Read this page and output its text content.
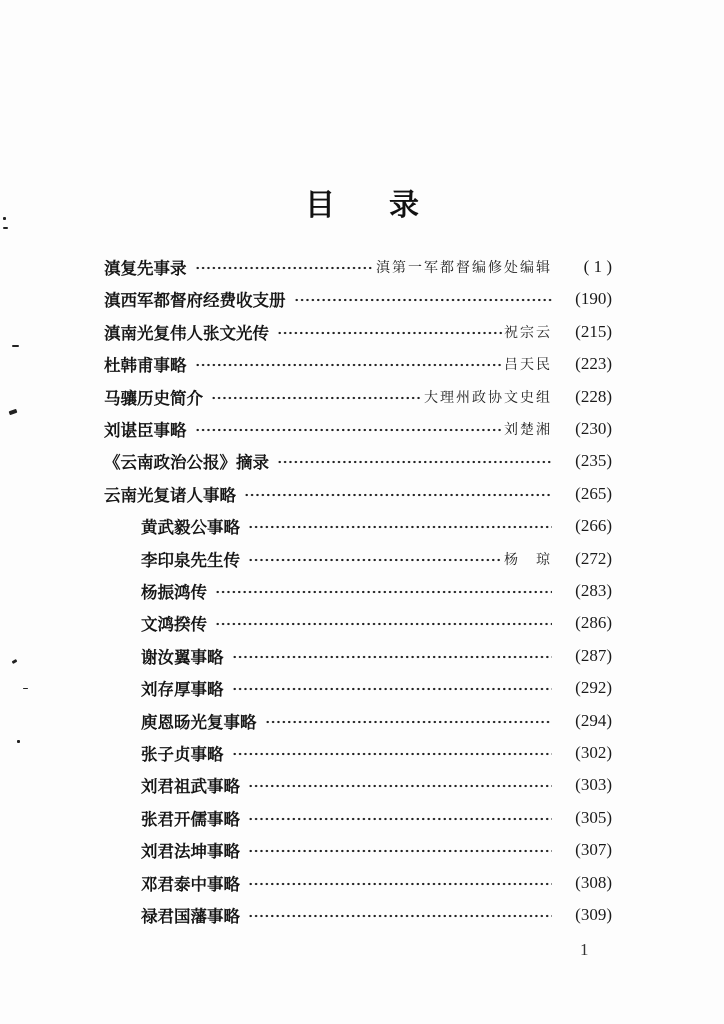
目 录
滇复先事录	滇第一军都督编修处编辑	( 1 )
滇西军都督府经费收支册	(190)
滇南光复伟人张文光传	祝宗云	(215)
杜韩甫事略	吕天民	(223)
马骧历史简介	大理州政协文史组	(228)
刘谌臣事略	刘楚湘	(230)
《云南政治公报》摘录	(235)
云南光复诸人事略	(265)
黄武毅公事略	(266)
李印泉先生传	杨　琼	(272)
杨振鸿传	(283)
文鸿揆传	(286)
谢汝翼事略	(287)
刘存厚事略	(292)
庾恩旸光复事略	(294)
张子贞事略	(302)
刘君祖武事略	(303)
张君开儒事略	(305)
刘君法坤事略	(307)
邓君泰中事略	(308)
禄君国藩事略	(309)
1
